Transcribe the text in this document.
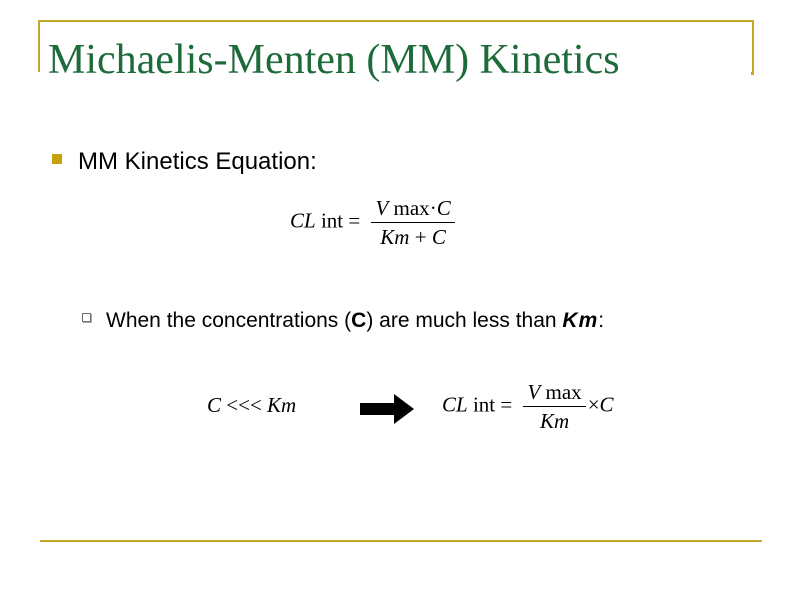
Michaelis-Menten (MM) Kinetics
MM Kinetics Equation:
CL int = $\frac{\text{V max·C}}{Km + C}$
When the concentrations (C) are much less than Km:
C <<< Km	CL int = $\frac{\text{V max}}{Km} \times C$
